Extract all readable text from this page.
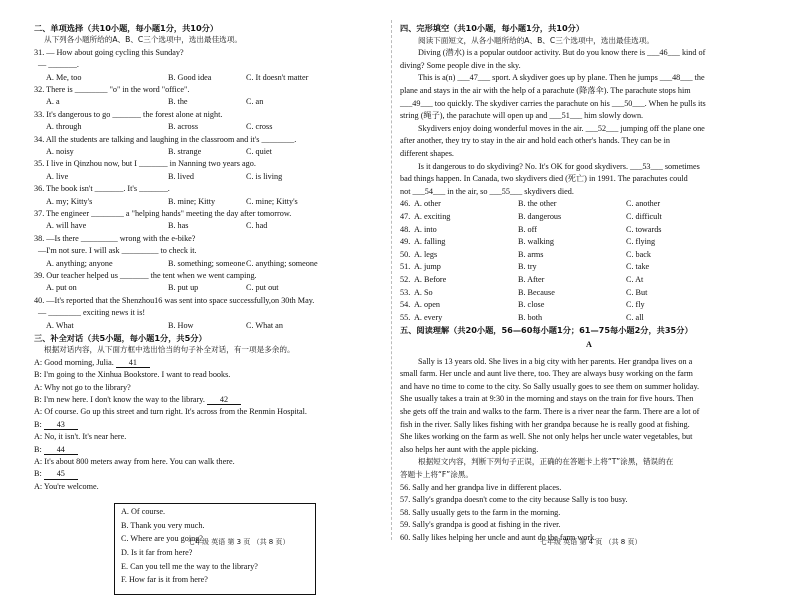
二、单项选择（共10小题，每小题1分，共10分）
从下列各小题所给的A、B、C三个选项中，选出最佳选项。
31. — How about going cycling this Sunday?
— _______.
A. Me, too	B. Good idea	C. It doesn't matter
32. There is ________ "o" in the word "office".
A. a	B. the	C. an
33. It's dangerous to go _______ the forest alone at night.
A. through	B. across	C. cross
34. All the students are talking and laughing in the classroom and it's ________.
A. noisy	B. strange	C. quiet
35. I live in Qinzhou now, but I _______ in Nanning two years ago.
A. live	B. lived	C. is living
36. The book isn't _______. It's _______.
A. my; Kitty's	B. mine; Kitty	C. mine; Kitty's
37. The engineer ________ a "helping hands" meeting the day after tomorrow.
A. will have	B. has	C. had
38. —Is there _________ wrong with the e-bike?
—I'm not sure. I will ask _________ to check it.
A. anything; anyone	B. something; someone C. anything; someone
39. Our teacher helped us _______ the tent when we went camping.
A. put on	B. put up	C. put out
40. —It's reported that the Shenzhou16 was sent into space successfully,on 30th May.
— ________ exciting news it is!
A. What	B. How	C. What an
三、补全对话（共5小题，每小题1分，共5分）
根据对话内容，从下面方框中选出恰当的句子补全对话，有一项是多余的。
A: Good morning, Julia. 41
B: I'm going to the Xinhua Bookstore. I want to read books.
A: Why not go to the library?
B: I'm new here. I don't know the way to the library. 42
A: Of course. Go up this street and turn right. It's across from the Renmin Hospital.
B: 43
A: No, it isn't. It's near here.
B: 44
A: It's about 800 meters away from here. You can walk there.
B: 45
A: You're welcome.
A. Of course.
B. Thank you very much.
C. Where are you going?
D. Is it far from here?
E. Can you tell me the way to the library?
F. How far is it from here?
四、完形填空（共10小题，每小题1分，共10分）
阅读下面短文，从各小题所给的A、B、C三个选项中，选出最佳选项。
Diving (潜水) is a popular outdoor activity. But do you know there is ___46___ kind of
diving? Some people dive in the sky.
This is a(n) ___47___ sport. A skydiver goes up by plane. Then he jumps ___48___ the
plane and stays in the air with the help of a parachute (降落伞). The parachute stops him
___49___ too quickly. The skydiver carries the parachute on his ___50___. When he pulls its
string (绳子), the parachute will open up and ___51___ him slowly down.
Skydivers enjoy doing wonderful moves in the air. ___52___ jumping off the plane one
after another, they try to stay in the air and hold each other's hands. They can be in
different shapes.
Is it dangerous to do skydiving? No. It's OK for good skydivers. ___53___ sometimes
bad things happen. In Canada, two skydivers died (死亡) in 1991. The parachutes could
not ___54___ in the air, so ___55___ skydivers died.
46. A. other	B. the other	C. another
47. A. exciting	B. dangerous	C. difficult
48. A. into	B. off	C. towards
49. A. falling	B. walking	C. flying
50. A. legs	B. arms	C. back
51. A. jump	B. try	C. take
52. A. Before	B. After	C. At
53. A. So	B. Because	C. But
54. A. open	B. close	C. fly
55. A. every	B. both	C. all
五、阅读理解（共20小题，56—60每小题1分；61—75每小题2分，共35分）
A
Sally is 13 years old. She lives in a big city with her parents. Her grandpa lives on a
small farm. Her uncle and aunt live there, too. They are always busy working on the farm
and have no time to come to the city. So Sally usually goes to see them on summer holiday.
She usually takes a train at 9:30 in the morning and stays on the train for five hours. Then
she gets off the train and walks to the farm. There is a river near the farm. There are a lot of
fish in the river. Sally likes fishing with her grandpa because he is really good at fishing.
She likes working on the farm as well. She not only helps her uncle water vegetables, but
also helps her aunt with the apple picking.
根据短文内容，判断下列句子正误，正确的在答题卡上将“T”涂黑，错误的在
答题卡上将“F”涂黑。
56. Sally and her grandpa live in different places.
57. Sally's grandpa doesn't come to the city because Sally is too busy.
58. Sally usually gets to the farm in the morning.
59. Sally's grandpa is good at fishing in the river.
60. Sally likes helping her uncle and aunt do the farm work.
七年级 英语 第 3 页 （共 8 页）	七年级 英语 第 4 页 （共 8 页）
